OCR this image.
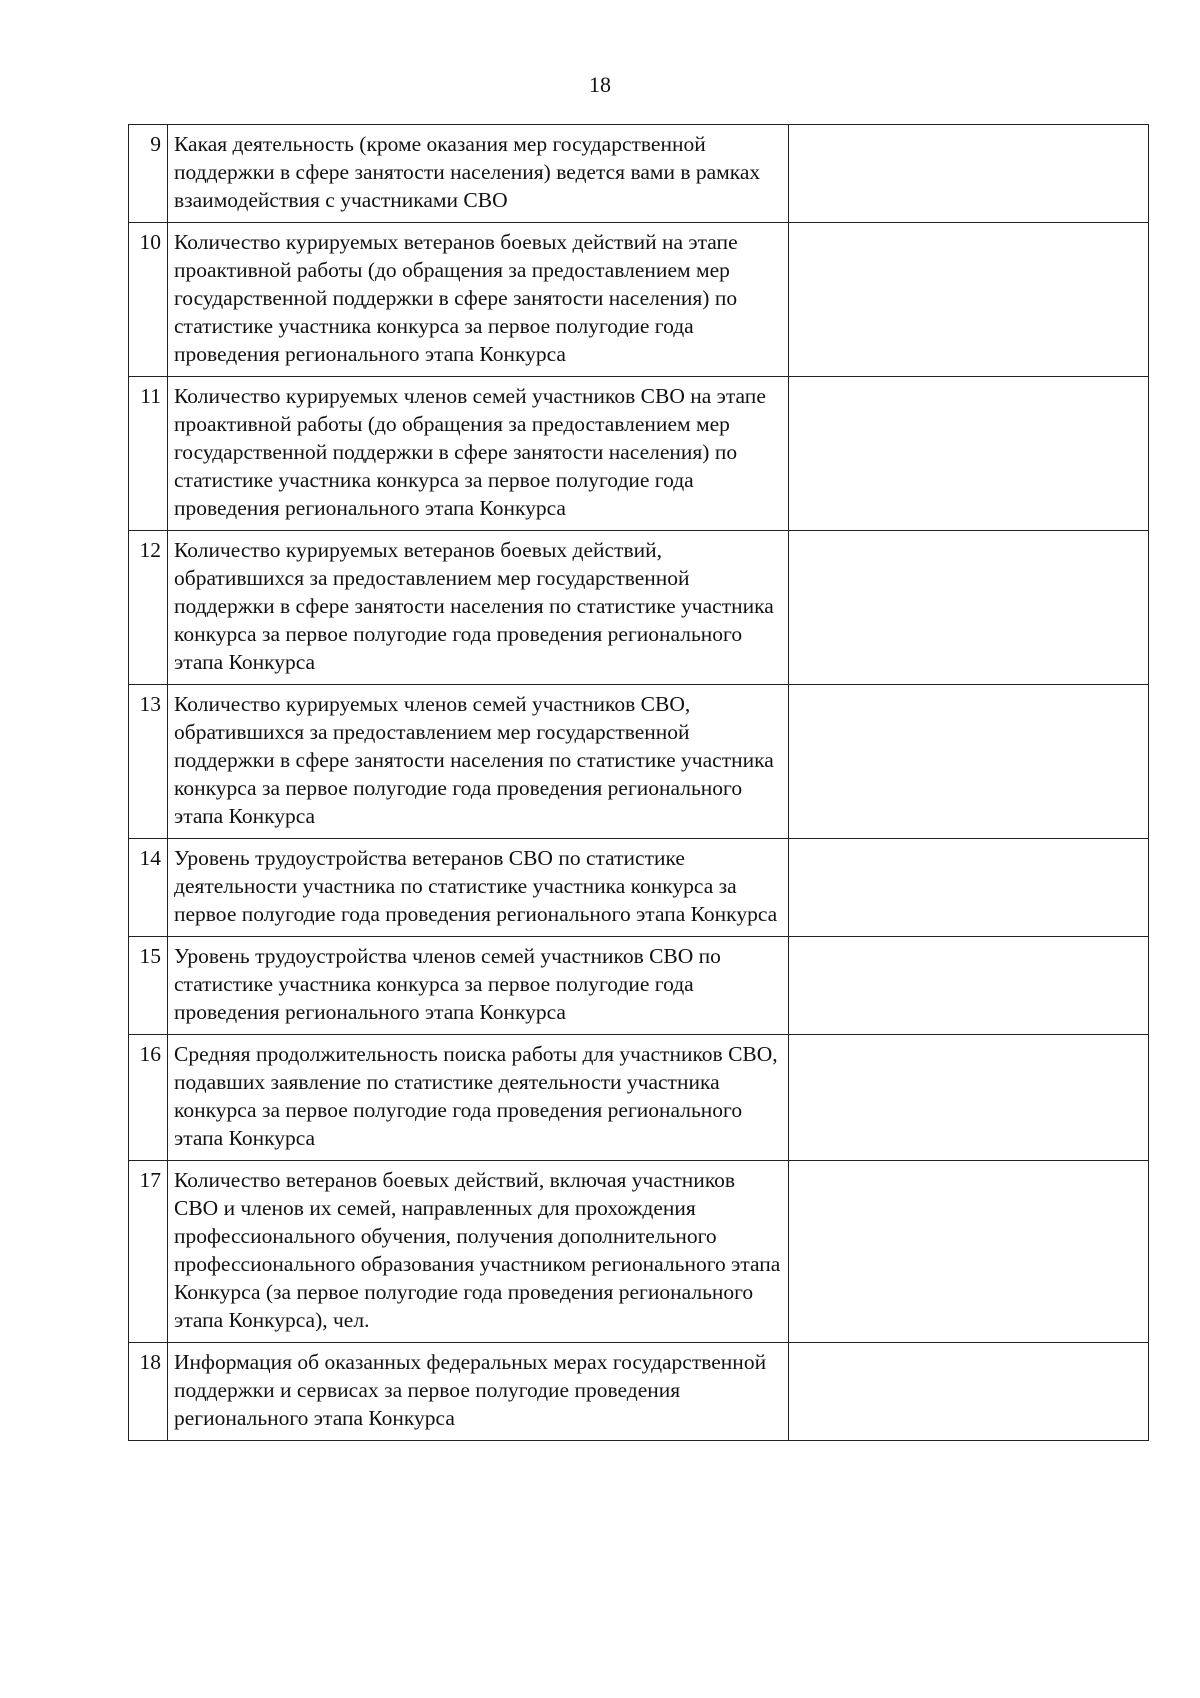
18
9	Какая деятельность (кроме оказания мер государственной поддержки в сфере занятости населения) ведется вами в рамках взаимодействия с участниками СВО	
10	Количество курируемых ветеранов боевых действий на этапе проактивной работы (до обращения за предоставлением мер государственной поддержки в сфере занятости населения) по статистике участника конкурса за первое полугодие года проведения регионального этапа Конкурса	
11	Количество курируемых членов семей участников СВО на этапе проактивной работы (до обращения за предоставлением мер государственной поддержки в сфере занятости населения) по статистике участника конкурса за первое полугодие года проведения регионального этапа Конкурса	
12	Количество курируемых ветеранов боевых действий, обратившихся за предоставлением мер государственной поддержки в сфере занятости населения по статистике участника конкурса за первое полугодие года проведения регионального этапа Конкурса	
13	Количество курируемых членов семей участников СВО, обратившихся за предоставлением мер государственной поддержки в сфере занятости населения по статистике участника конкурса за первое полугодие года проведения регионального этапа Конкурса	
14	Уровень трудоустройства ветеранов СВО по статистике деятельности участника по статистике участника конкурса за первое полугодие года проведения регионального этапа Конкурса	
15	Уровень трудоустройства членов семей участников СВО по статистике участника конкурса за первое полугодие года проведения регионального этапа Конкурса	
16	Средняя продолжительность поиска работы для участников СВО, подавших заявление по статистике деятельности участника конкурса за первое полугодие года проведения регионального этапа Конкурса	
17	Количество ветеранов боевых действий, включая участников СВО и членов их семей, направленных для прохождения профессионального обучения, получения дополнительного профессионального образования участником регионального этапа Конкурса (за первое полугодие года проведения регионального этапа Конкурса), чел.	
18	Информация об оказанных федеральных мерах государственной поддержки и сервисах за первое полугодие проведения регионального этапа Конкурса	
